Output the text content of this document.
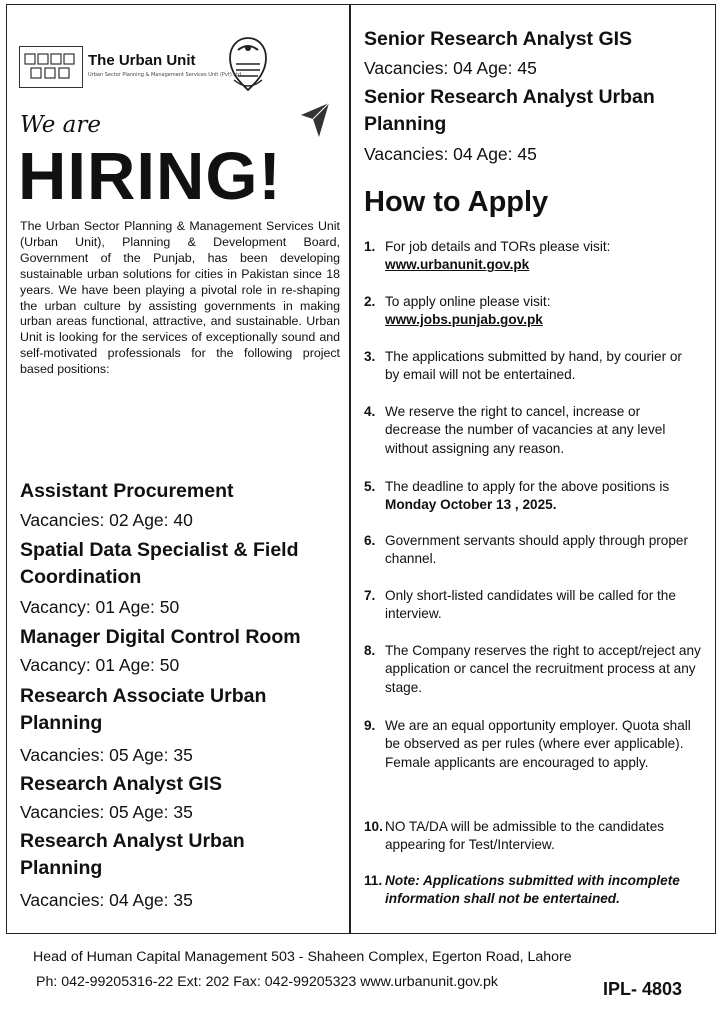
The Urban Unit
Urban Sector Planning & Management Services Unit (Pvt) Ltd
We are
HIRING!
The Urban Sector Planning & Management Services Unit (Urban Unit), Planning & Development Board, Government of the Punjab, has been developing sustainable urban solutions for cities in Pakistan since 18 years. We have been playing a pivotal role in re-shaping the urban culture by assisting governments in making urban areas functional, attractive, and sustainable. Urban Unit is looking for the services of exceptionally sound and self-motivated professionals for the following project based positions:
Assistant Procurement
Vacancies: 02 Age: 40
Spatial Data Specialist & Field
Coordination
Vacancy: 01 Age: 50
Manager Digital Control Room
Vacancy: 01 Age: 50
Research Associate Urban
Planning
Vacancies: 05 Age: 35
Research Analyst GIS
Vacancies: 05 Age: 35
Research Analyst Urban
Planning
Vacancies: 04 Age: 35
Senior Research Analyst GIS
Vacancies: 04 Age: 45
Senior Research Analyst Urban
Planning
Vacancies: 04 Age: 45
How to Apply
1. For job details and TORs please visit:
www.urbanunit.gov.pk
2. To apply online please visit:
www.jobs.punjab.gov.pk
3. The applications submitted by hand, by courier or by email will not be entertained.
4. We reserve the right to cancel, increase or decrease the number of vacancies at any level without assigning any reason.
5. The deadline to apply for the above positions is Monday October 13 , 2025.
6. Government servants should apply through proper channel.
7. Only short-listed candidates will be called for the interview.
8. The Company reserves the right to accept/reject any application or cancel the recruitment process at any stage.
9. We are an equal opportunity employer. Quota shall be observed as per rules (where ever applicable). Female applicants are encouraged to apply.
10. NO TA/DA will be admissible to the candidates appearing for Test/Interview.
11. Note: Applications submitted with incomplete information shall not be entertained.
Head of Human Capital Management 503 - Shaheen Complex, Egerton Road, Lahore
Ph: 042-99205316-22 Ext: 202 Fax: 042-99205323 www.urbanunit.gov.pk	IPL- 4803
